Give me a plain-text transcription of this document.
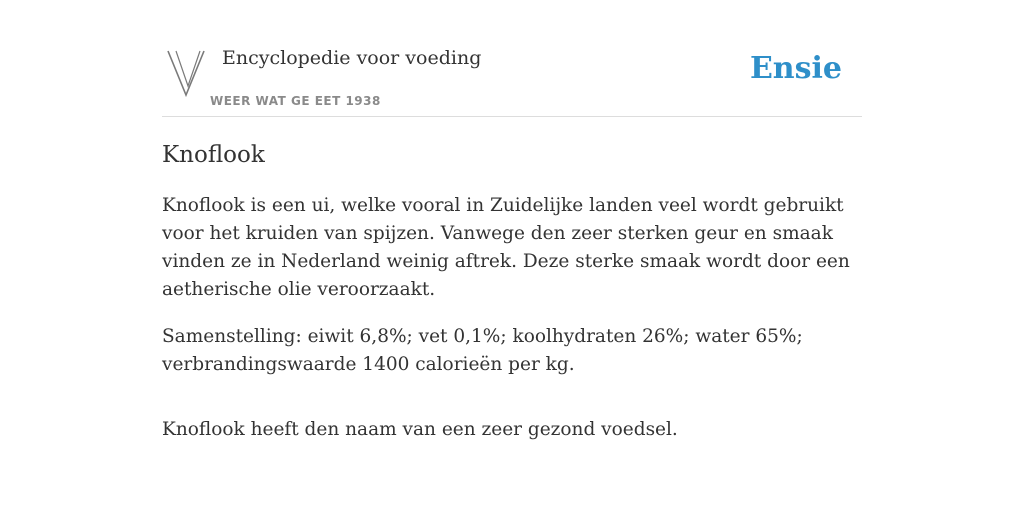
Encyclopedie voor voeding
WEER WAT GE EET 1938
Ensie
Knoflook

Knoflook is een ui, welke vooral in Zuidelijke landen veel wordt gebruikt voor het kruiden van spijzen. Vanwege den zeer sterken geur en smaak vinden ze in Nederland weinig aftrek. Deze sterke smaak wordt door een aetherische olie veroorzaakt.

Samenstelling: eiwit 6,8%; vet 0,1%; koolhydraten 26%; water 65%; verbrandingswaarde 1400 calorieën per kg.

Knoflook heeft den naam van een zeer gezond voedsel.
